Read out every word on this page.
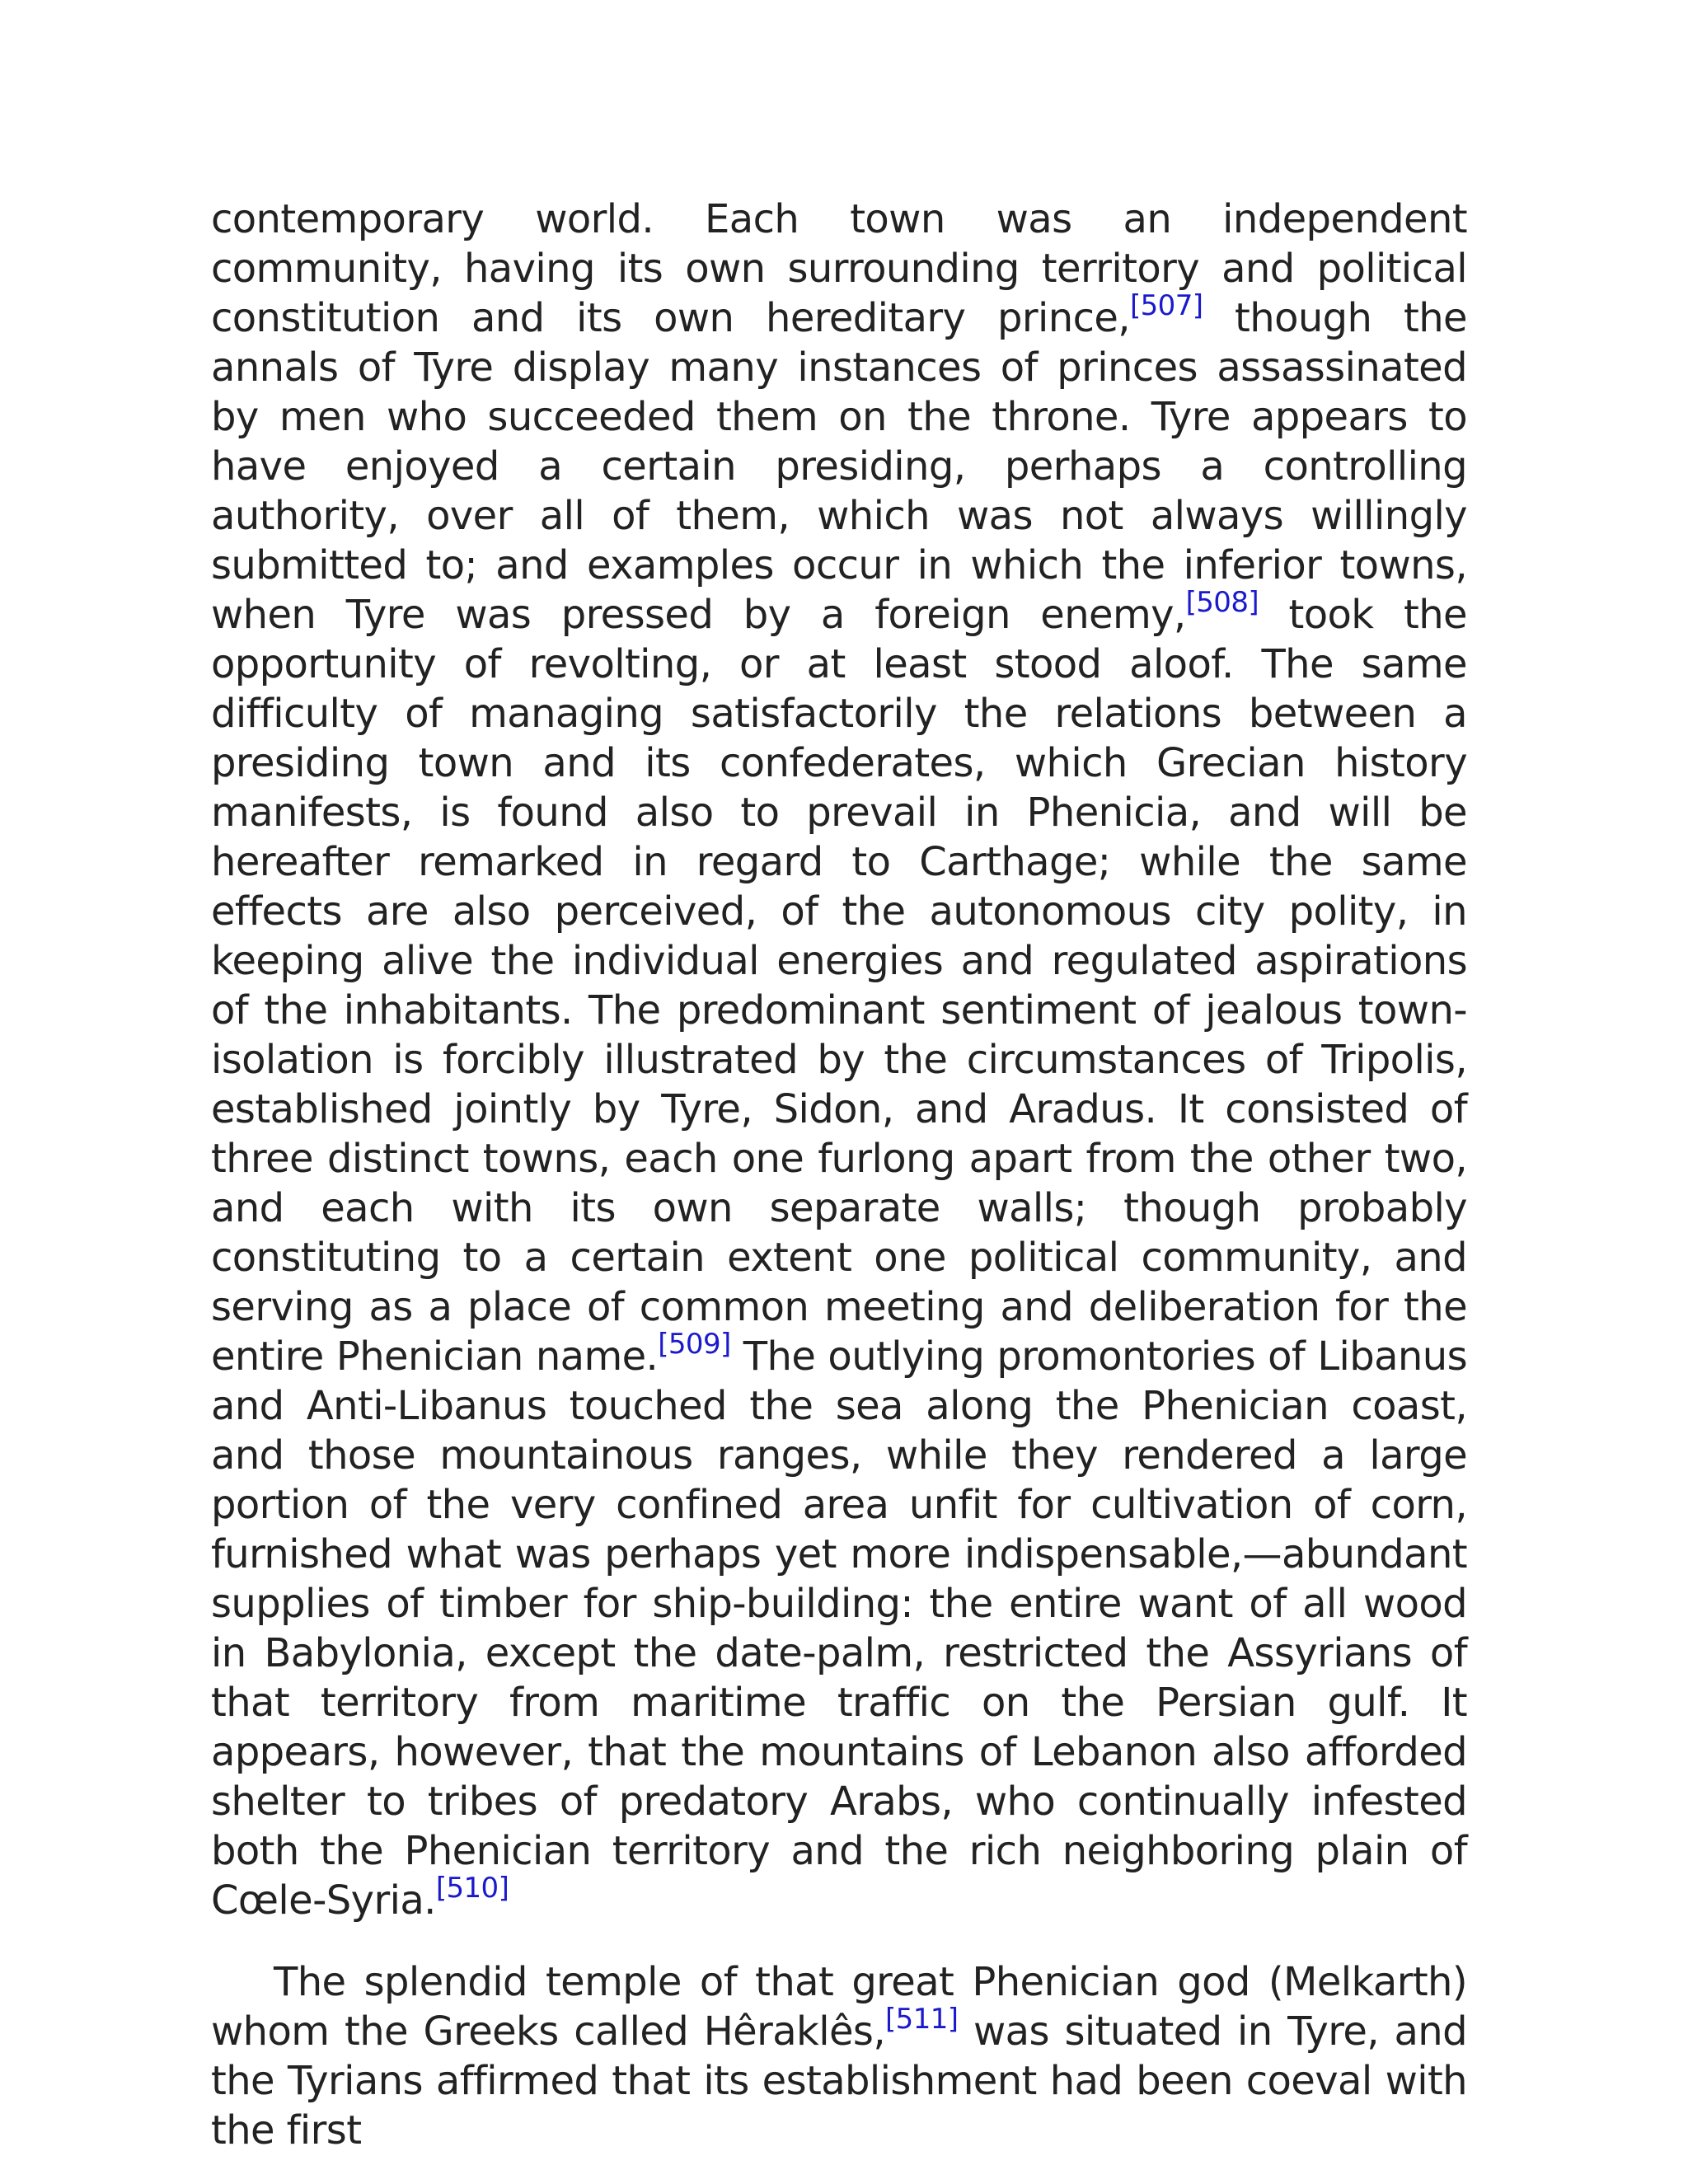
contemporary world. Each town was an independent community, having its own surrounding territory and political constitution and its own hereditary prince,[507] though the annals of Tyre display many instances of princes assassinated by men who succeeded them on the throne. Tyre appears to have enjoyed a certain presiding, perhaps a controlling authority, over all of them, which was not always willingly submitted to; and examples occur in which the inferior towns, when Tyre was pressed by a foreign enemy,[508] took the opportunity of revolting, or at least stood aloof. The same difficulty of managing satisfactorily the relations between a presiding town and its confederates, which Grecian history manifests, is found also to prevail in Phenicia, and will be hereafter remarked in regard to Carthage; while the same effects are also perceived, of the autonomous city polity, in keeping alive the individual energies and regulated aspirations of the inhabitants. The predominant sentiment of jealous town-isolation is forcibly illustrated by the circumstances of Tripolis, established jointly by Tyre, Sidon, and Aradus. It consisted of three distinct towns, each one furlong apart from the other two, and each with its own separate walls; though probably constituting to a certain extent one political community, and serving as a place of common meeting and deliberation for the entire Phenician name.[509] The outlying promontories of Libanus and Anti-Libanus touched the sea along the Phenician coast, and those mountainous ranges, while they rendered a large portion of the very confined area unfit for cultivation of corn, furnished what was perhaps yet more indispensable,—abundant supplies of timber for ship-building: the entire want of all wood in Babylonia, except the date-palm, restricted the Assyrians of that territory from maritime traffic on the Persian gulf. It appears, however, that the mountains of Lebanon also afforded shelter to tribes of predatory Arabs, who continually infested both the Phenician territory and the rich neighboring plain of Cœle-Syria.[510]

The splendid temple of that great Phenician god (Melkarth) whom the Greeks called Hêraklês,[511] was situated in Tyre, and the Tyrians affirmed that its establishment had been coeval with the first
